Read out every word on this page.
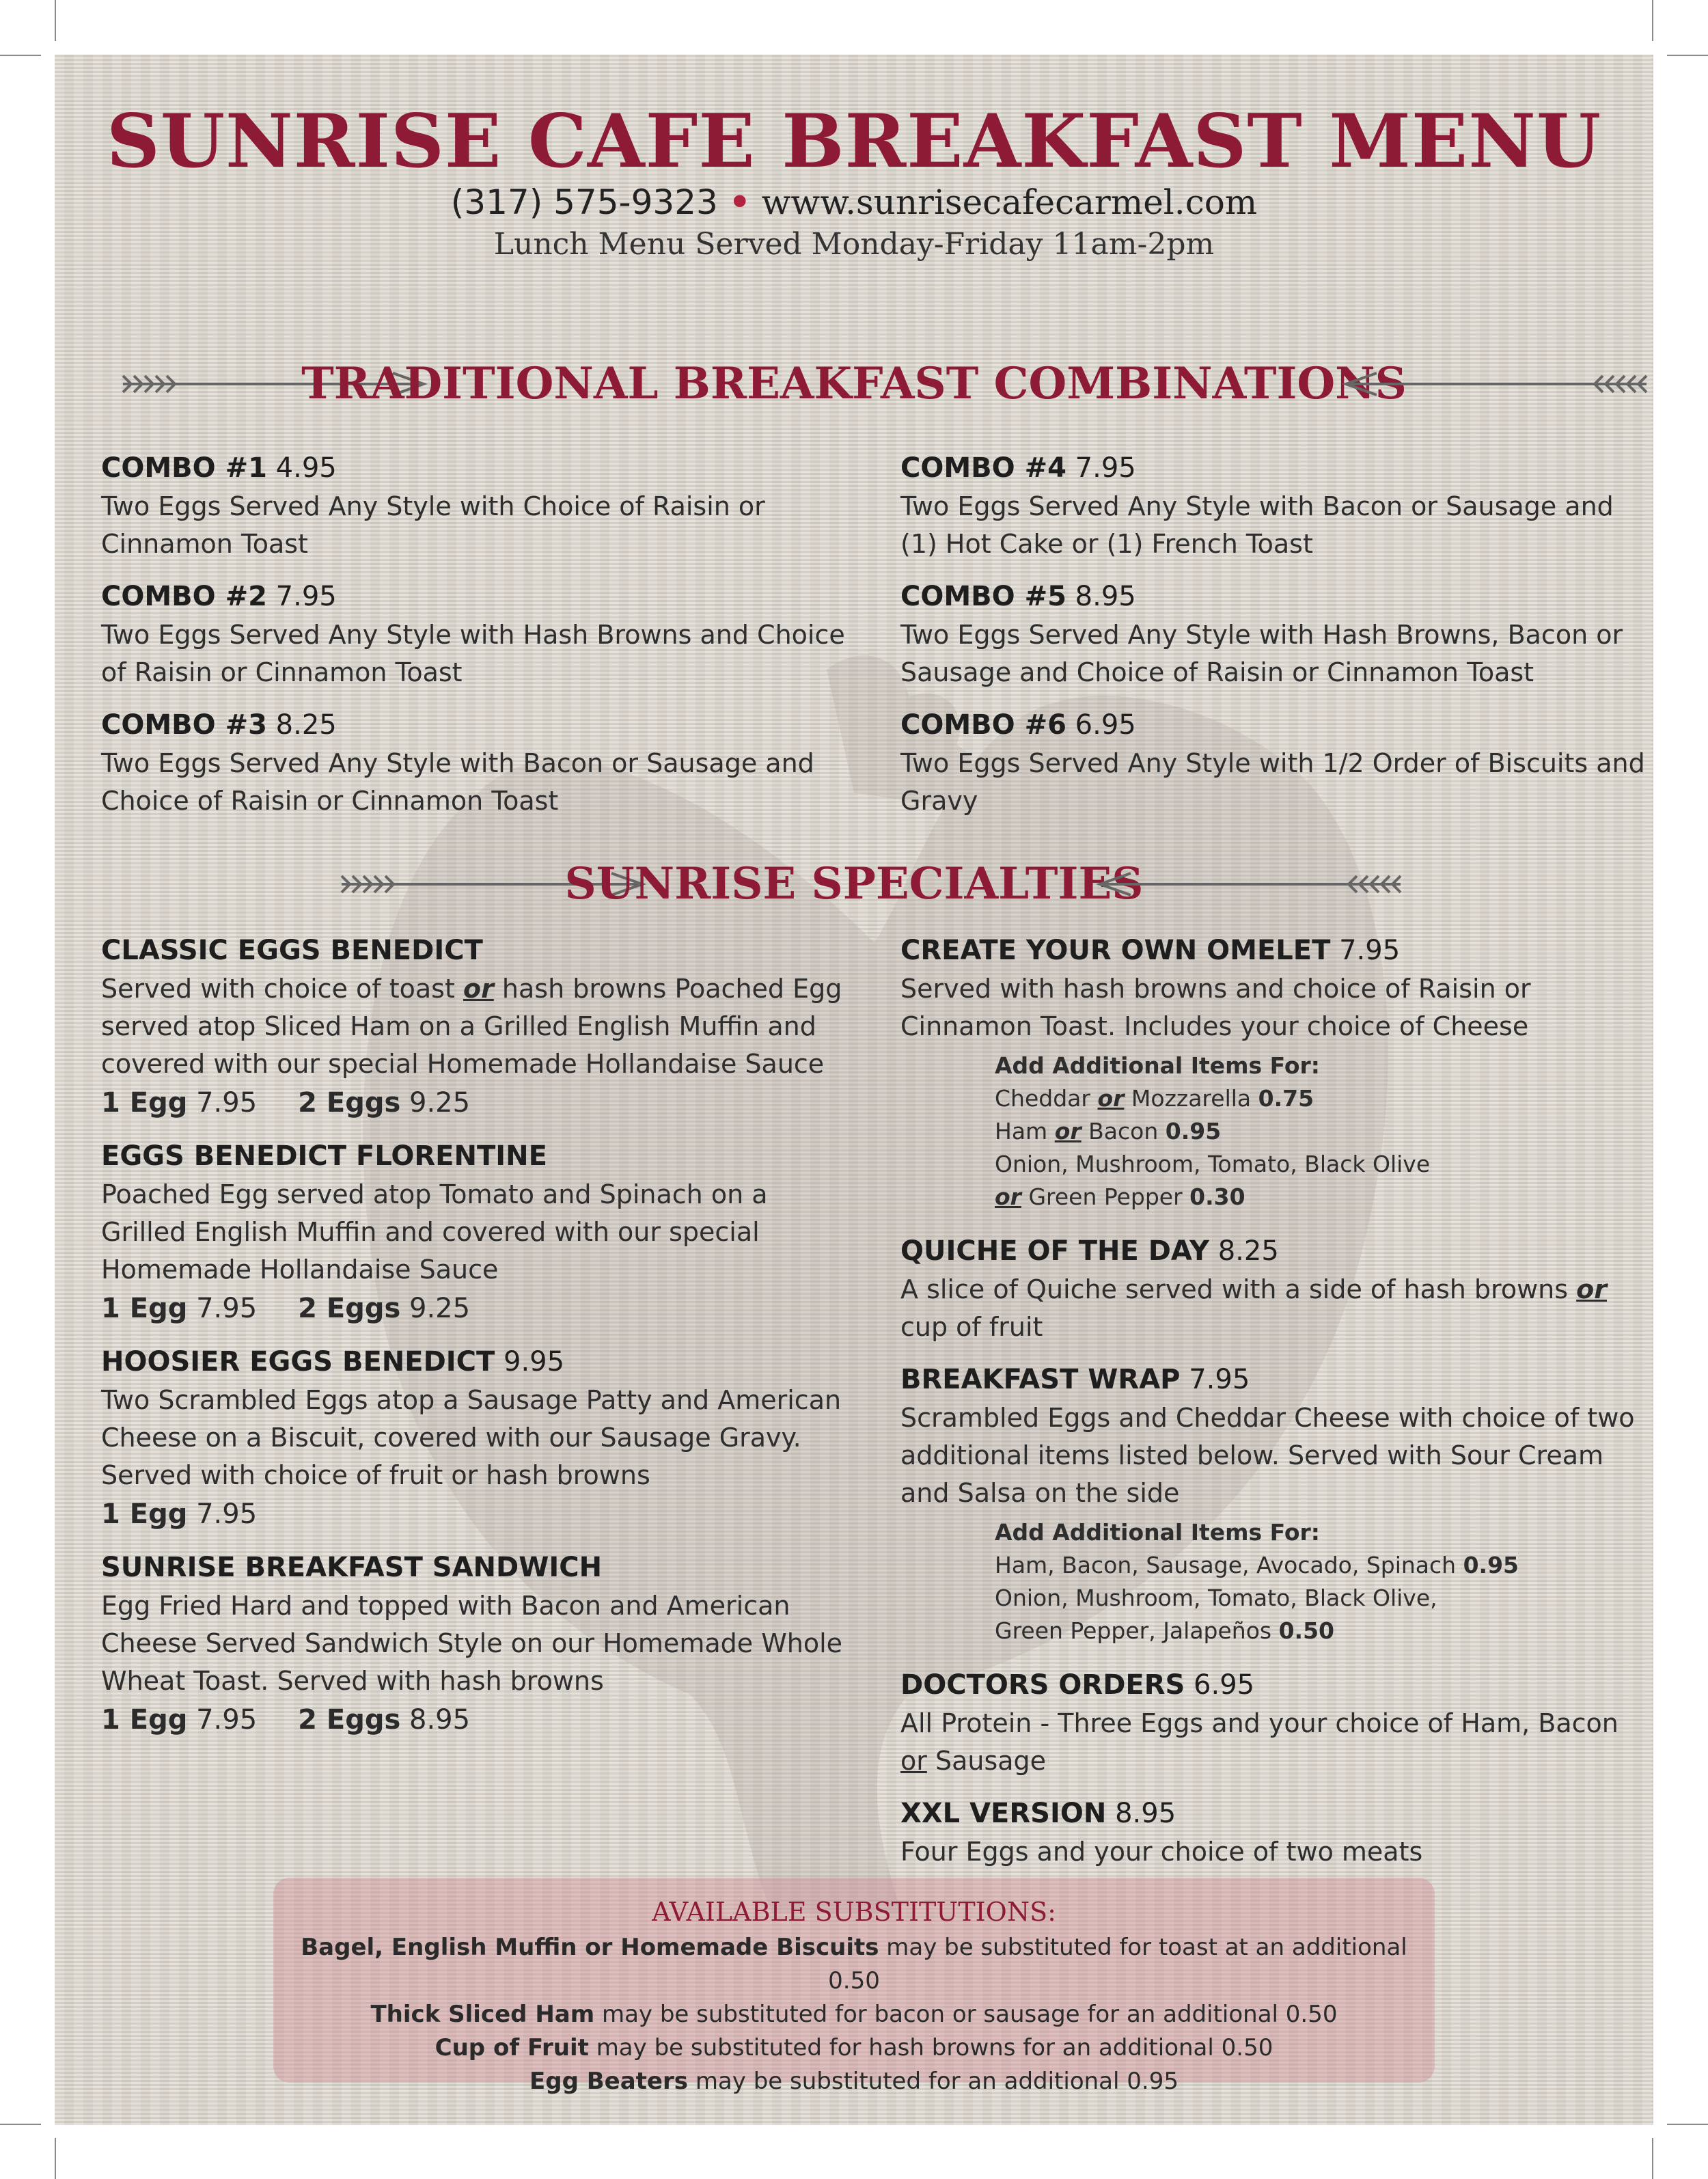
SUNRISE CAFE BREAKFAST MENU
(317) 575-9323 • www.sunrisecafecarmel.com
Lunch Menu Served Monday-Friday 11am-2pm
TRADITIONAL BREAKFAST COMBINATIONS
COMBO #1 4.95
Two Eggs Served Any Style with Choice of Raisin or Cinnamon Toast
COMBO #2 7.95
Two Eggs Served Any Style with Hash Browns and Choice of Raisin or Cinnamon Toast
COMBO #3 8.25
Two Eggs Served Any Style with Bacon or Sausage and Choice of Raisin or Cinnamon Toast
COMBO #4 7.95
Two Eggs Served Any Style with Bacon or Sausage and (1) Hot Cake or (1) French Toast
COMBO #5 8.95
Two Eggs Served Any Style with Hash Browns, Bacon or Sausage and Choice of Raisin or Cinnamon Toast
COMBO #6 6.95
Two Eggs Served Any Style with 1/2 Order of Biscuits and Gravy
SUNRISE SPECIALTIES
CLASSIC EGGS BENEDICT
Served with choice of toast or hash browns Poached Egg served atop Sliced Ham on a Grilled English Muffin and covered with our special Homemade Hollandaise Sauce
1 Egg 7.95 2 Eggs 9.25
EGGS BENEDICT FLORENTINE
Poached Egg served atop Tomato and Spinach on a Grilled English Muffin and covered with our special Homemade Hollandaise Sauce
1 Egg 7.95 2 Eggs 9.25
HOOSIER EGGS BENEDICT 9.95
Two Scrambled Eggs atop a Sausage Patty and American Cheese on a Biscuit, covered with our Sausage Gravy. Served with choice of fruit or hash browns
1 Egg 7.95
SUNRISE BREAKFAST SANDWICH
Egg Fried Hard and topped with Bacon and American Cheese Served Sandwich Style on our Homemade Whole Wheat Toast. Served with hash browns
1 Egg 7.95 2 Eggs 8.95
CREATE YOUR OWN OMELET 7.95
Served with hash browns and choice of Raisin or Cinnamon Toast. Includes your choice of Cheese
Add Additional Items For:
Cheddar or Mozzarella 0.75
Ham or Bacon 0.95
Onion, Mushroom, Tomato, Black Olive
or Green Pepper 0.30
QUICHE OF THE DAY 8.25
A slice of Quiche served with a side of hash browns or cup of fruit
BREAKFAST WRAP 7.95
Scrambled Eggs and Cheddar Cheese with choice of two additional items listed below. Served with Sour Cream and Salsa on the side
Add Additional Items For:
Ham, Bacon, Sausage, Avocado, Spinach 0.95
Onion, Mushroom, Tomato, Black Olive,
Green Pepper, Jalapeños 0.50
DOCTORS ORDERS 6.95
All Protein - Three Eggs and your choice of Ham, Bacon or Sausage
XXL VERSION 8.95
Four Eggs and your choice of two meats
AVAILABLE SUBSTITUTIONS:
Bagel, English Muffin or Homemade Biscuits may be substituted for toast at an additional 0.50
Thick Sliced Ham may be substituted for bacon or sausage for an additional 0.50
Cup of Fruit may be substituted for hash browns for an additional 0.50
Egg Beaters may be substituted for an additional 0.95
